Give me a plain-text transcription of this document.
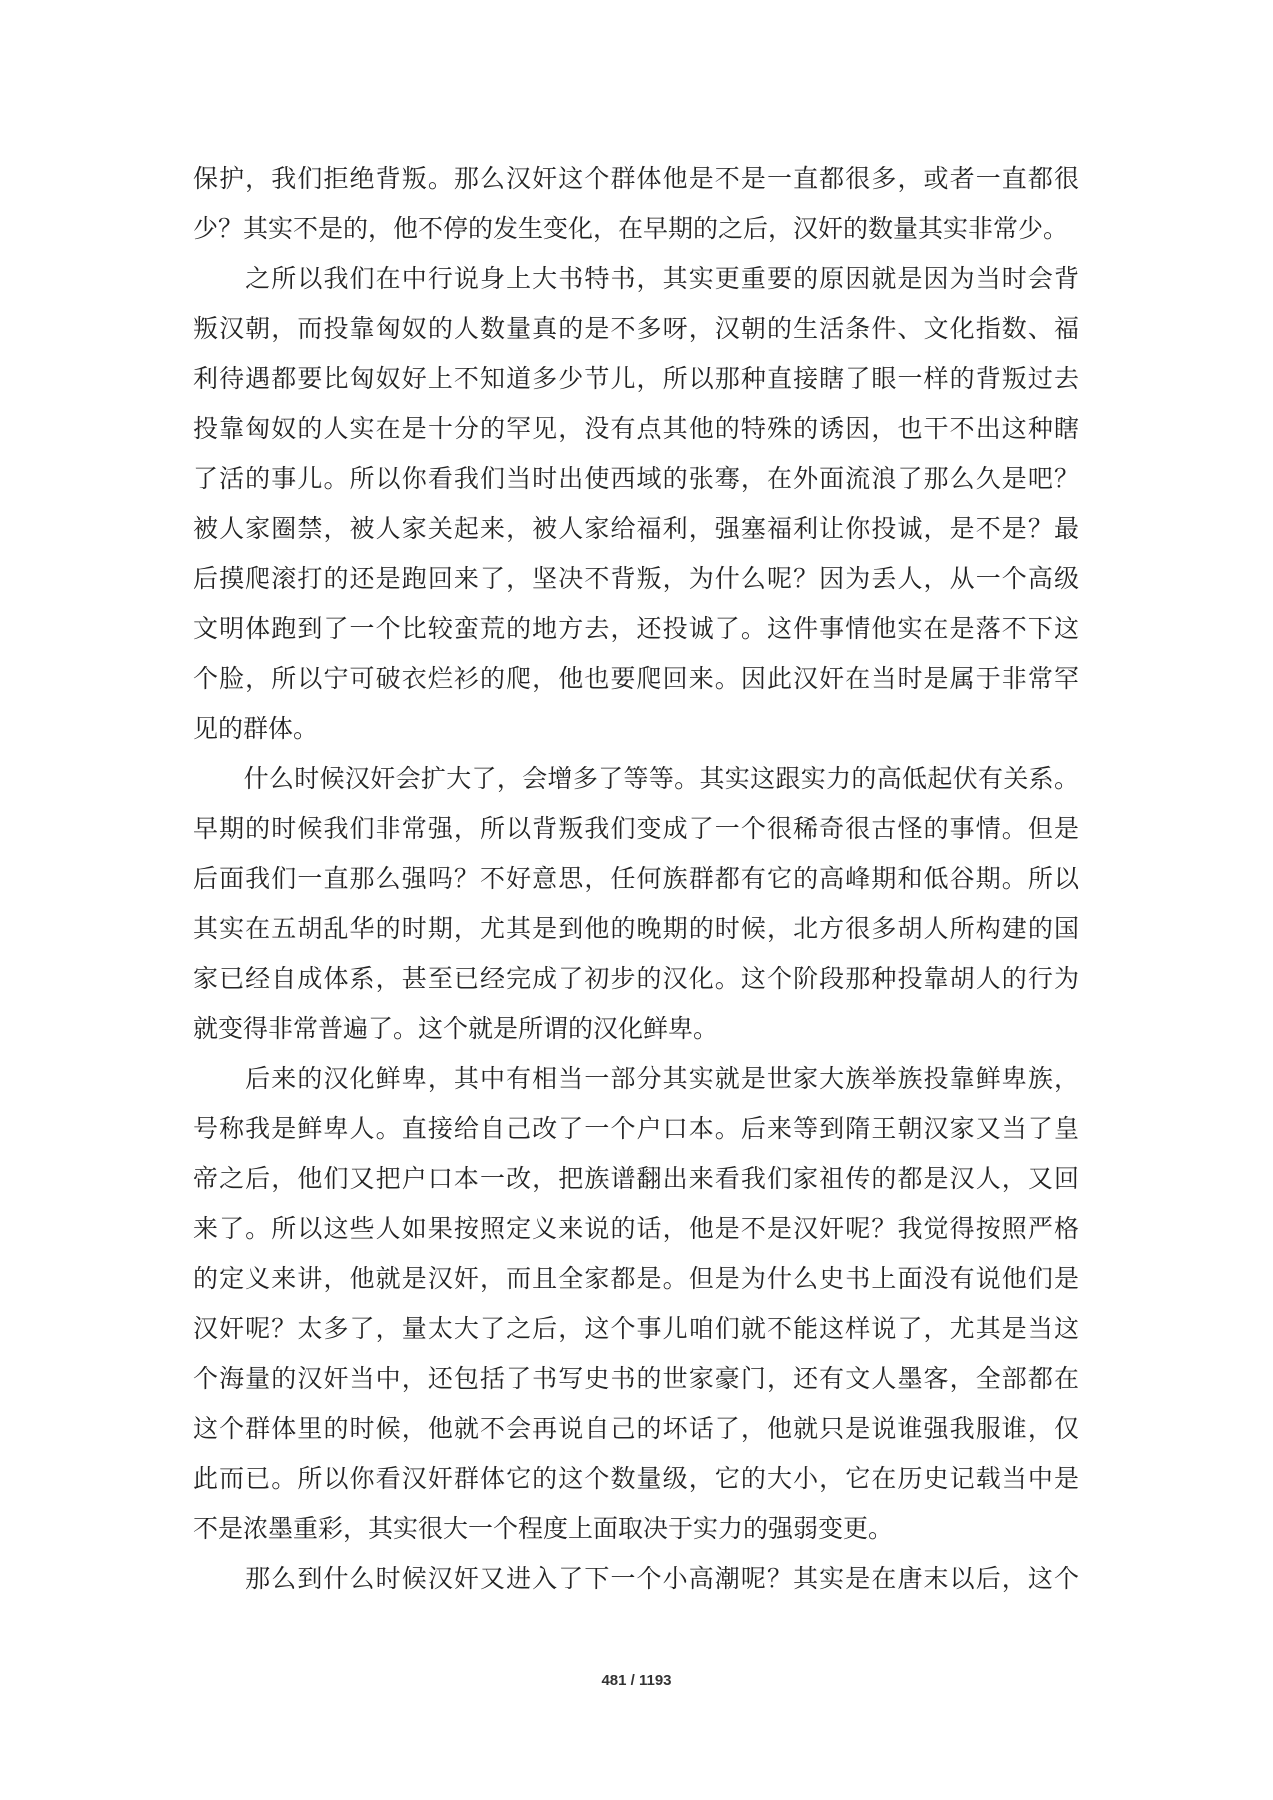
保护，我们拒绝背叛。那么汉奸这个群体他是不是一直都很多，或者一直都很
少？其实不是的，他不停的发生变化，在早期的之后，汉奸的数量其实非常少。
　　之所以我们在中行说身上大书特书，其实更重要的原因就是因为当时会背
叛汉朝，而投靠匈奴的人数量真的是不多呀，汉朝的生活条件、文化指数、福
利待遇都要比匈奴好上不知道多少节儿，所以那种直接瞎了眼一样的背叛过去
投靠匈奴的人实在是十分的罕见，没有点其他的特殊的诱因，也干不出这种瞎
了活的事儿。所以你看我们当时出使西域的张骞，在外面流浪了那么久是吧？
被人家圈禁，被人家关起来，被人家给福利，强塞福利让你投诚，是不是？最
后摸爬滚打的还是跑回来了，坚决不背叛，为什么呢？因为丢人，从一个高级
文明体跑到了一个比较蛮荒的地方去，还投诚了。这件事情他实在是落不下这
个脸，所以宁可破衣烂衫的爬，他也要爬回来。因此汉奸在当时是属于非常罕
见的群体。
　　什么时候汉奸会扩大了，会增多了等等。其实这跟实力的高低起伏有关系。
早期的时候我们非常强，所以背叛我们变成了一个很稀奇很古怪的事情。但是
后面我们一直那么强吗？不好意思，任何族群都有它的高峰期和低谷期。所以
其实在五胡乱华的时期，尤其是到他的晚期的时候，北方很多胡人所构建的国
家已经自成体系，甚至已经完成了初步的汉化。这个阶段那种投靠胡人的行为
就变得非常普遍了。这个就是所谓的汉化鲜卑。
　　后来的汉化鲜卑，其中有相当一部分其实就是世家大族举族投靠鲜卑族，
号称我是鲜卑人。直接给自己改了一个户口本。后来等到隋王朝汉家又当了皇
帝之后，他们又把户口本一改，把族谱翻出来看我们家祖传的都是汉人，又回
来了。所以这些人如果按照定义来说的话，他是不是汉奸呢？我觉得按照严格
的定义来讲，他就是汉奸，而且全家都是。但是为什么史书上面没有说他们是
汉奸呢？太多了，量太大了之后，这个事儿咱们就不能这样说了，尤其是当这
个海量的汉奸当中，还包括了书写史书的世家豪门，还有文人墨客，全部都在
这个群体里的时候，他就不会再说自己的坏话了，他就只是说谁强我服谁，仅
此而已。所以你看汉奸群体它的这个数量级，它的大小，它在历史记载当中是
不是浓墨重彩，其实很大一个程度上面取决于实力的强弱变更。
　　那么到什么时候汉奸又进入了下一个小高潮呢？其实是在唐末以后，这个
481 / 1193
